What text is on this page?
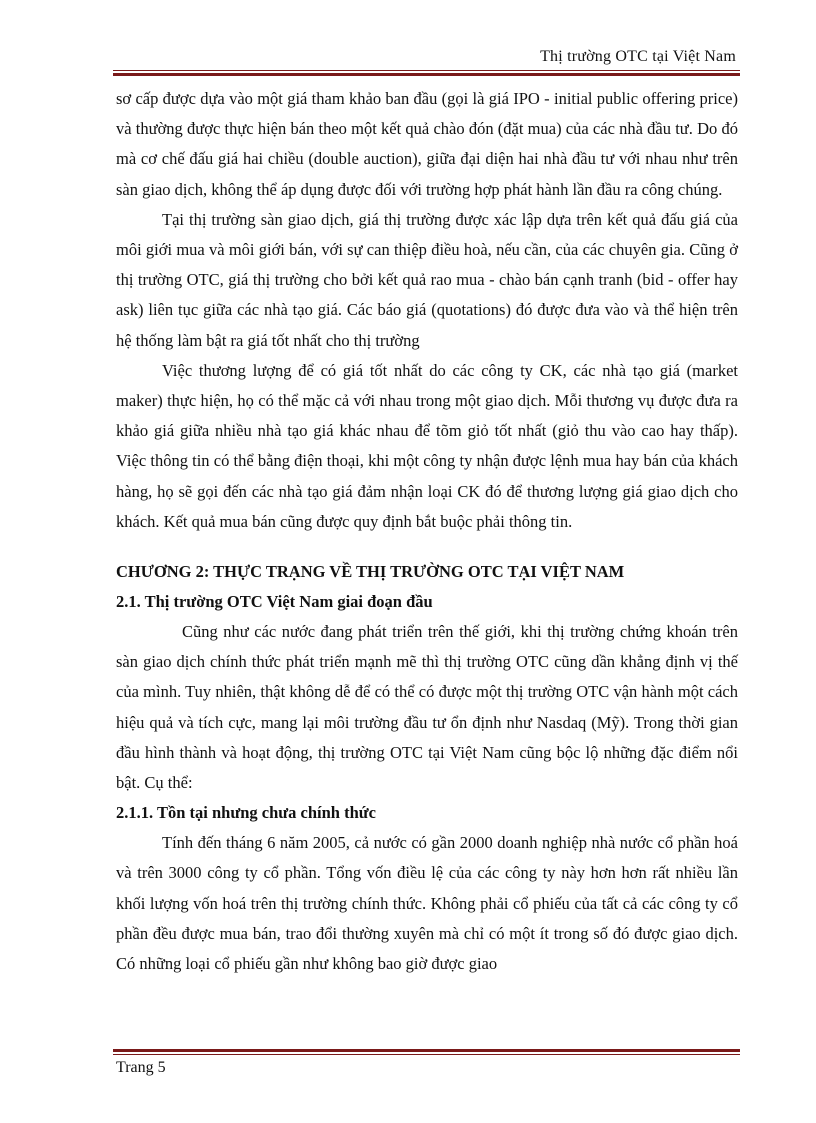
Thị trường OTC tại Việt Nam

sơ cấp được dựa vào một giá tham khảo ban đầu (gọi là giá IPO - initial public offering price) và thường được thực hiện bán theo một kết quả chào đón (đặt mua) của các nhà đầu tư. Do đó mà cơ chế đấu giá hai chiều (double auction), giữa đại diện hai nhà đầu tư với nhau như trên sàn giao dịch, không thể áp dụng được đối với trường hợp phát hành lần đầu ra công chúng.

Tại thị trường sàn giao dịch, giá thị trường được xác lập dựa trên kết quả đấu giá của môi giới mua và môi giới bán, với sự can thiệp điều hoà, nếu cần, của các chuyên gia. Cũng ở thị trường OTC, giá thị trường cho bởi kết quả rao mua - chào bán cạnh tranh (bid - offer hay ask) liên tục giữa các nhà tạo giá. Các báo giá (quotations) đó được đưa vào và thể hiện trên hệ thống làm bật ra giá tốt nhất cho thị trường

Việc thương lượng để có giá tốt nhất do các công ty CK, các nhà tạo giá (market maker) thực hiện, họ có thể mặc cả với nhau trong một giao dịch. Mỗi thương vụ được đưa ra khảo giá giữa nhiều nhà tạo giá khác nhau để tõm giỏ tốt nhất (giỏ thu vào cao hay thấp). Việc thông tin có thể bằng điện thoại, khi một công ty nhận được lệnh mua hay bán của khách hàng, họ sẽ gọi đến các nhà tạo giá đảm nhận loại CK đó để thương lượng giá giao dịch cho khách. Kết quả mua bán cũng được quy định bắt buộc phải thông tin.

CHƯƠNG 2: THỰC TRẠNG VỀ THỊ TRƯỜNG OTC TẠI VIỆT NAM
2.1. Thị trường OTC Việt Nam giai đoạn đầu

Cũng như các nước đang phát triển trên thế giới, khi thị trường chứng khoán trên sàn giao dịch chính thức phát triển mạnh mẽ thì thị trường OTC cũng dần khẳng định vị thế của mình. Tuy nhiên, thật không dễ để có thể có được một thị trường OTC vận hành một cách hiệu quả và tích cực, mang lại môi trường đầu tư ổn định như Nasdaq (Mỹ). Trong thời gian đầu hình thành và hoạt động, thị trường OTC tại Việt Nam cũng bộc lộ những đặc điểm nổi bật. Cụ thể:

2.1.1. Tồn tại nhưng chưa chính thức

Tính đến tháng 6 năm 2005, cả nước có gần 2000 doanh nghiệp nhà nước cổ phần hoá và trên 3000 công ty cổ phần. Tổng vốn điều lệ của các công ty này hơn hơn rất nhiều lần khối lượng vốn hoá trên thị trường chính thức. Không phải cổ phiếu của tất cả các công ty cổ phần đều được mua bán, trao đổi thường xuyên mà chỉ có một ít trong số đó được giao dịch. Có những loại cổ phiếu gần như không bao giờ được giao

Trang 5
